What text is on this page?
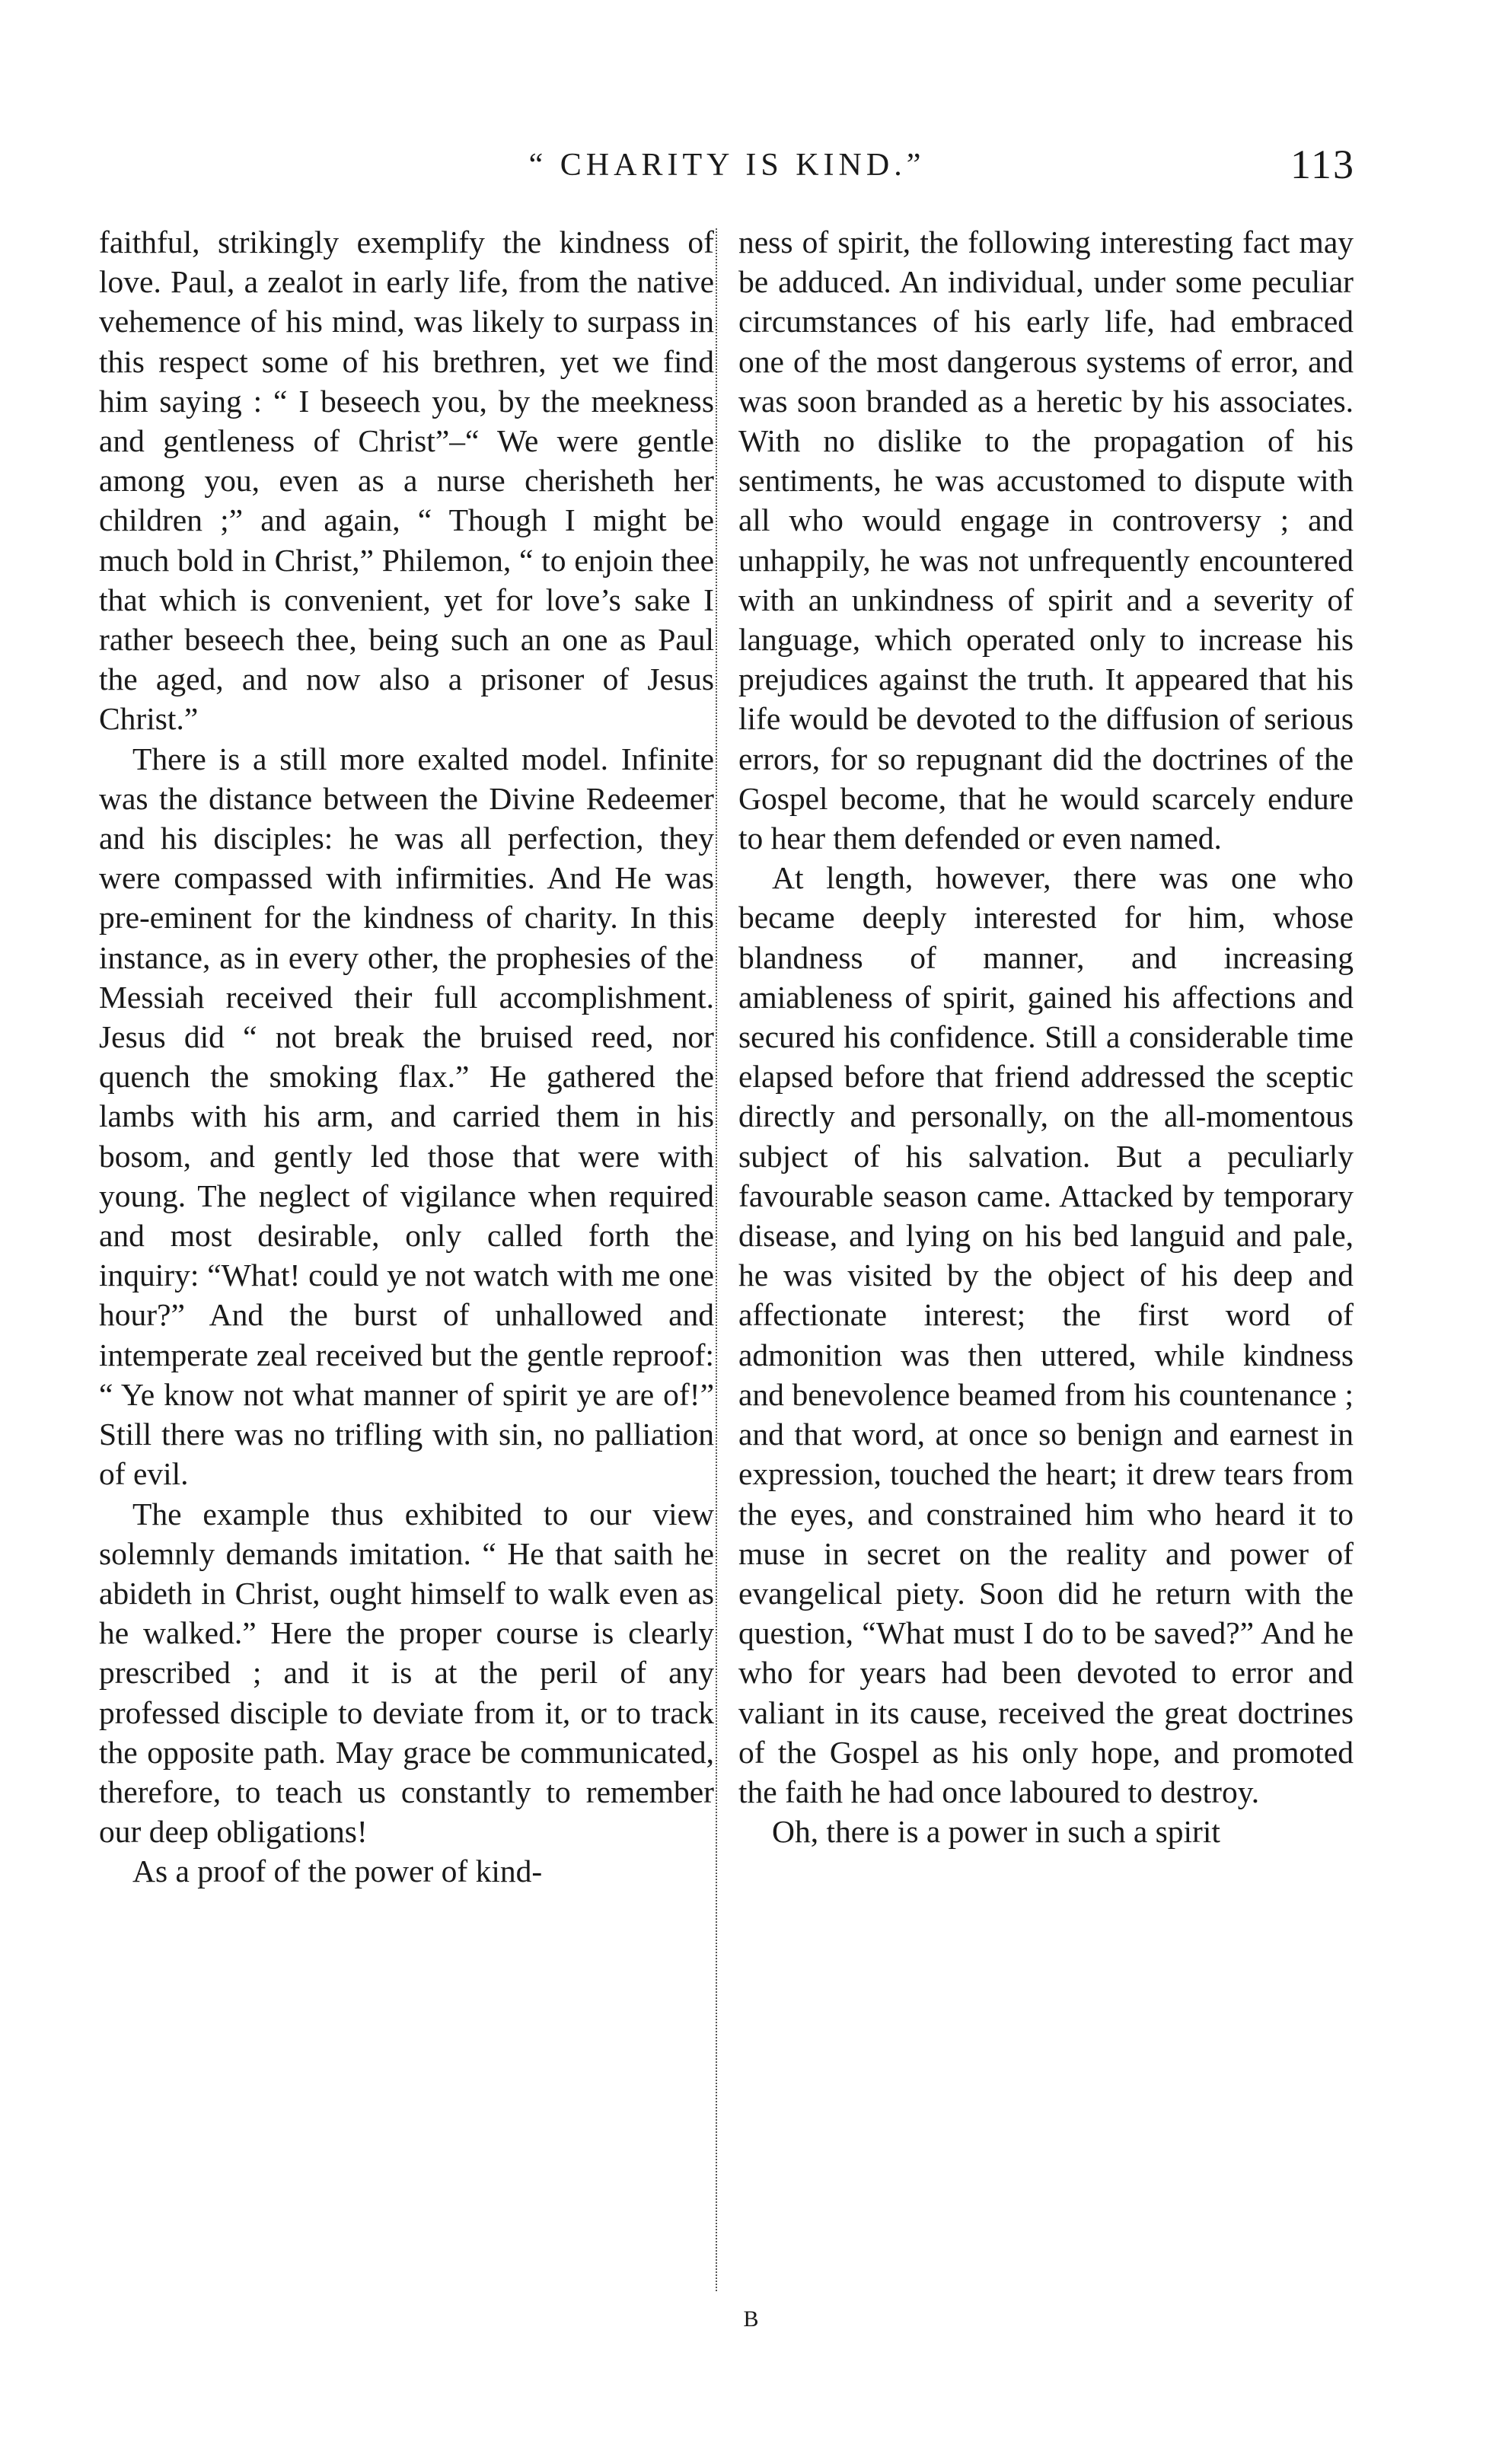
“ CHARITY IS KIND.”	113

faithful, strikingly exemplify the kindness of love. Paul, a zealot in early life, from the native vehemence of his mind, was likely to surpass in this respect some of his brethren, yet we find him saying : “ I beseech you, by the meekness and gentleness of Christ”–“ We were gentle among you, even as a nurse cherisheth her children ;” and again, “ Though I might be much bold in Christ,” Philemon, “ to enjoin thee that which is convenient, yet for love’s sake I rather beseech thee, being such an one as Paul the aged, and now also a prisoner of Jesus Christ.”

There is a still more exalted model. Infinite was the distance between the Divine Redeemer and his disciples: he was all perfection, they were compassed with infirmities. And He was pre-eminent for the kindness of charity. In this instance, as in every other, the prophesies of the Messiah received their full accomplishment. Jesus did “ not break the bruised reed, nor quench the smoking flax.” He gathered the lambs with his arm, and carried them in his bosom, and gently led those that were with young. The neglect of vigilance when required and most desirable, only called forth the inquiry: “What! could ye not watch with me one hour?” And the burst of unhallowed and intemperate zeal received but the gentle reproof: “ Ye know not what manner of spirit ye are of!” Still there was no trifling with sin, no palliation of evil.

The example thus exhibited to our view solemnly demands imitation. “ He that saith he abideth in Christ, ought himself to walk even as he walked.” Here the proper course is clearly prescribed ; and it is at the peril of any professed disciple to deviate from it, or to track the opposite path. May grace be communicated, therefore, to teach us constantly to remember our deep obligations!

As a proof of the power of kind-

ness of spirit, the following interesting fact may be adduced. An individual, under some peculiar circumstances of his early life, had embraced one of the most dangerous systems of error, and was soon branded as a heretic by his associates. With no dislike to the propagation of his sentiments, he was accustomed to dispute with all who would engage in controversy ; and unhappily, he was not unfrequently encountered with an unkindness of spirit and a severity of language, which operated only to increase his prejudices against the truth. It appeared that his life would be devoted to the diffusion of serious errors, for so repugnant did the doctrines of the Gospel become, that he would scarcely endure to hear them defended or even named.

At length, however, there was one who became deeply interested for him, whose blandness of manner, and increasing amiableness of spirit, gained his affections and secured his confidence. Still a considerable time elapsed before that friend addressed the sceptic directly and personally, on the all-momentous subject of his salvation. But a peculiarly favourable season came. Attacked by temporary disease, and lying on his bed languid and pale, he was visited by the object of his deep and affectionate interest; the first word of admonition was then uttered, while kindness and benevolence beamed from his countenance ; and that word, at once so benign and earnest in expression, touched the heart; it drew tears from the eyes, and constrained him who heard it to muse in secret on the reality and power of evangelical piety. Soon did he return with the question, “What must I do to be saved?” And he who for years had been devoted to error and valiant in its cause, received the great doctrines of the Gospel as his only hope, and promoted the faith he had once laboured to destroy.

Oh, there is a power in such a spirit

B
